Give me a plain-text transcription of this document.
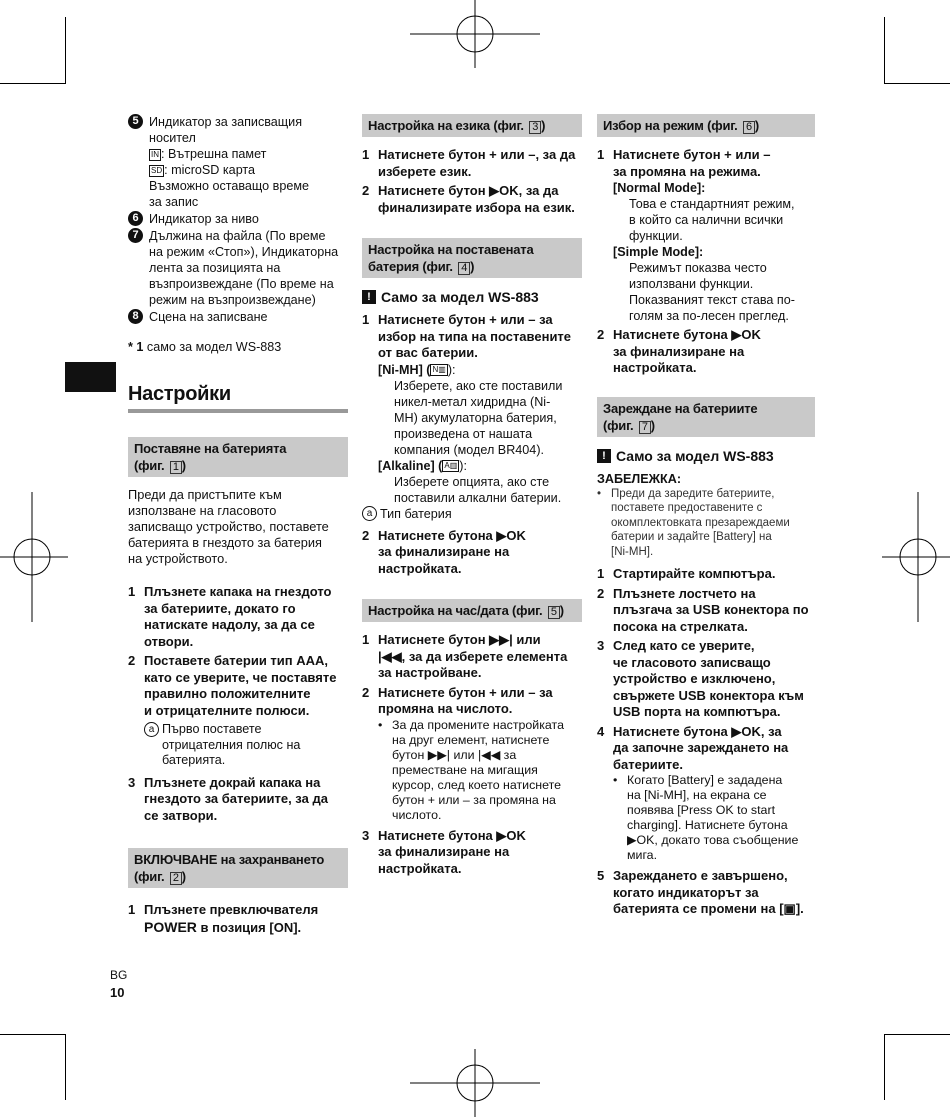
5 Индикатор за записващия
носител
IN : Вътрешна памет
SD : microSD карта
Възможно оставащо време
за запис
6 Индикатор за ниво
7 Дължина на файла (По време
на режим «Стоп»), Индикаторна
лента за позицията на
възпроизвеждане (По време на
режим на възпроизвеждане)
8 Сцена на записване
* 1 само за модел WS-883
Настройки
Поставяне на батерията
(фиг. 1 )
Преди да пристъпите към
използване на гласовото
записващо устройство, поставете
батерията в гнездото за батерия
на устройството.
1 Плъзнете капака на гнездото
за батериите, докато го
натискате надолу, за да се
отвори.
2 Поставете батерии тип AAA,
като се уверите, че поставяте
правилно положителните
и отрицателните полюси.
a Първо поставете
отрицателния полюс на
батерията.
3 Плъзнете докрай капака на
гнездото за батериите, за да
се затвори.
ВКЛЮЧВАНЕ на захранването
(фиг. 2 )
1 Плъзнете превключвателя
POWER в позиция [ON].
Настройка на езика (фиг. 3 )
1 Натиснете бутон + или –, за да
изберете език.
2 Натиснете бутон ▶OK, за да
финализирате избора на език.
Настройка на поставената
батерия (фиг. 4 )
! Само за модел WS-883
1 Натиснете бутон + или – за
избор на типа на поставените
от вас батерии.
[Ni-MH] ( N▥ ):
Изберете, ако сте поставили
никел-метал хидридна (Ni-
MH) акумулаторна батерия,
произведена от нашата
компания (модел BR404).
[Alkaline] ( A▥ ):
Изберете опцията, ако сте
поставили алкални батерии.
a Тип батерия
2 Натиснете бутона ▶OK
за финализиране на
настройката.
Настройка на час/дата (фиг. 5 )
1 Натиснете бутон ▶▶| или
|◀◀, за да изберете елемента
за настройване.
2 Натиснете бутон + или – за
промяна на числото.
• За да промените настройката
на друг елемент, натиснете
бутон ▶▶| или |◀◀ за
преместване на мигащия
курсор, след което натиснете
бутон + или – за промяна на
числото.
3 Натиснете бутона ▶OK
за финализиране на
настройката.
Избор на режим (фиг. 6 )
1 Натиснете бутон + или –
за промяна на режима.
[Normal Mode]:
Това е стандартният режим,
в който са налични всички
функции.
[Simple Mode]:
Режимът показва често
използвани функции.
Показваният текст става по-
голям за по-лесен преглед.
2 Натиснете бутона ▶OK
за финализиране на
настройката.
Зареждане на батериите
(фиг. 7 )
! Само за модел WS-883
ЗАБЕЛЕЖКА:
• Преди да заредите батериите,
поставете предоставените с
окомплектовката презареждаеми
батерии и задайте [Battery] на
[Ni-MH].
1 Стартирайте компютъра.
2 Плъзнете лостчето на
плъзгача за USB конектора по
посока на стрелката.
3 След като се уверите,
че гласовото записващо
устройство е изключено,
свържете USB конектора към
USB порта на компютъра.
4 Натиснете бутона ▶OK, за
да започне зареждането на
батериите.
• Когато [Battery] е зададена
на [Ni-MH], на екрана се
появява [Press OK to start
charging]. Натиснете бутона
▶OK, докато това съобщение
мига.
5 Зареждането е завършено,
когато индикаторът за
батерията се промени на [▣].
BG
10
